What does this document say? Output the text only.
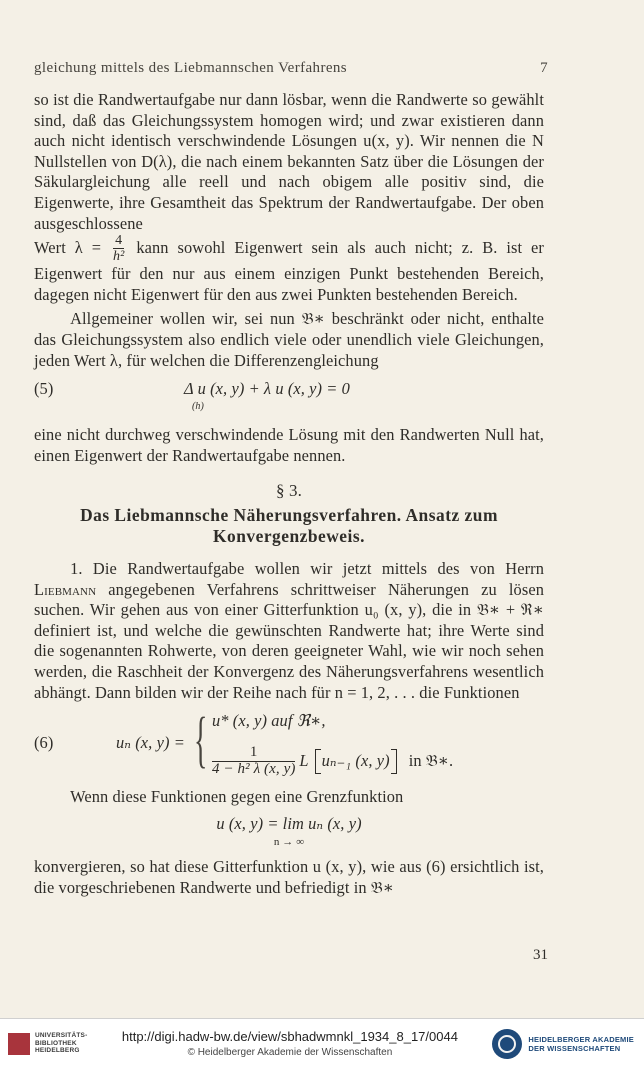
gleichung mittels des Liebmannschen Verfahrens	7

so ist die Randwertaufgabe nur dann lösbar, wenn die Randwerte so gewählt sind, daß das Gleichungssystem homogen wird; und zwar existieren dann auch nicht identisch verschwindende Lösungen u(x, y). Wir nennen die N Nullstellen von D(λ), die nach einem bekannten Satz über die Lösungen der Säkulargleichung alle reell und nach obigem alle positiv sind, die Eigenwerte, ihre Gesamtheit das Spektrum der Randwertaufgabe. Der oben ausgeschlossene

Wert $\lambda = \frac{4}{\text{h²}}$ kann sowohl Eigenwert sein als auch nicht; z. B. ist er Eigenwert für den nur aus einem einzigen Punkt bestehenden Bereich, dagegen nicht Eigenwert für den aus zwei Punkten bestehenden Bereich.

Allgemeiner wollen wir, sei nun 𝔅∗ beschränkt oder nicht, enthalte das Gleichungssystem also endlich viele oder unendlich viele Gleichungen, jeden Wert λ, für welchen die Differenzengleichung

(5)	Δ u (x, y) + λ u (x, y) = 0
(h)

eine nicht durchweg verschwindende Lösung mit den Randwerten Null hat, einen Eigenwert der Randwertaufgabe nennen.

§ 3.
Das Liebmannsche Näherungsverfahren. Ansatz zum Konvergenzbeweis.

1. Die Randwertaufgabe wollen wir jetzt mittels des von Herrn Liebmann angegebenen Verfahrens schrittweiser Näherungen zu lösen suchen. Wir gehen aus von einer Gitterfunktion u₀ (x, y), die in 𝔅∗ + ℜ∗ definiert ist, und welche die gewünschten Randwerte hat; ihre Werte sind die sogenannten Rohwerte, von deren geeigneter Wahl, wie wir noch sehen werden, die Raschheit der Konvergenz des Näherungsverfahrens wesentlich abhängt. Dann bilden wir der Reihe nach für n = 1, 2, . . . die Funktionen

(6)	uₙ (x, y) = { u* (x, y) auf ℜ∗,
$\frac{1}{\text{4 − h² λ (x, y)}}$ L uₙ₋₁ (x, y)	in 𝔅∗.

Wenn diese Funktionen gegen eine Grenzfunktion

u (x, y) = lim uₙ (x, y)
n → ∞

konvergieren, so hat diese Gitterfunktion u (x, y), wie aus (6) ersichtlich ist, die vorgeschriebenen Randwerte und befriedigt in 𝔅∗

31
UNIVERSITÄTS-
BIBLIOTHEK
HEIDELBERG
http://digi.hadw-bw.de/view/sbhadwmnkl_1934_8_17/0044
© Heidelberger Akademie der Wissenschaften
HEIDELBERGER AKADEMIE
DER WISSENSCHAFTEN
